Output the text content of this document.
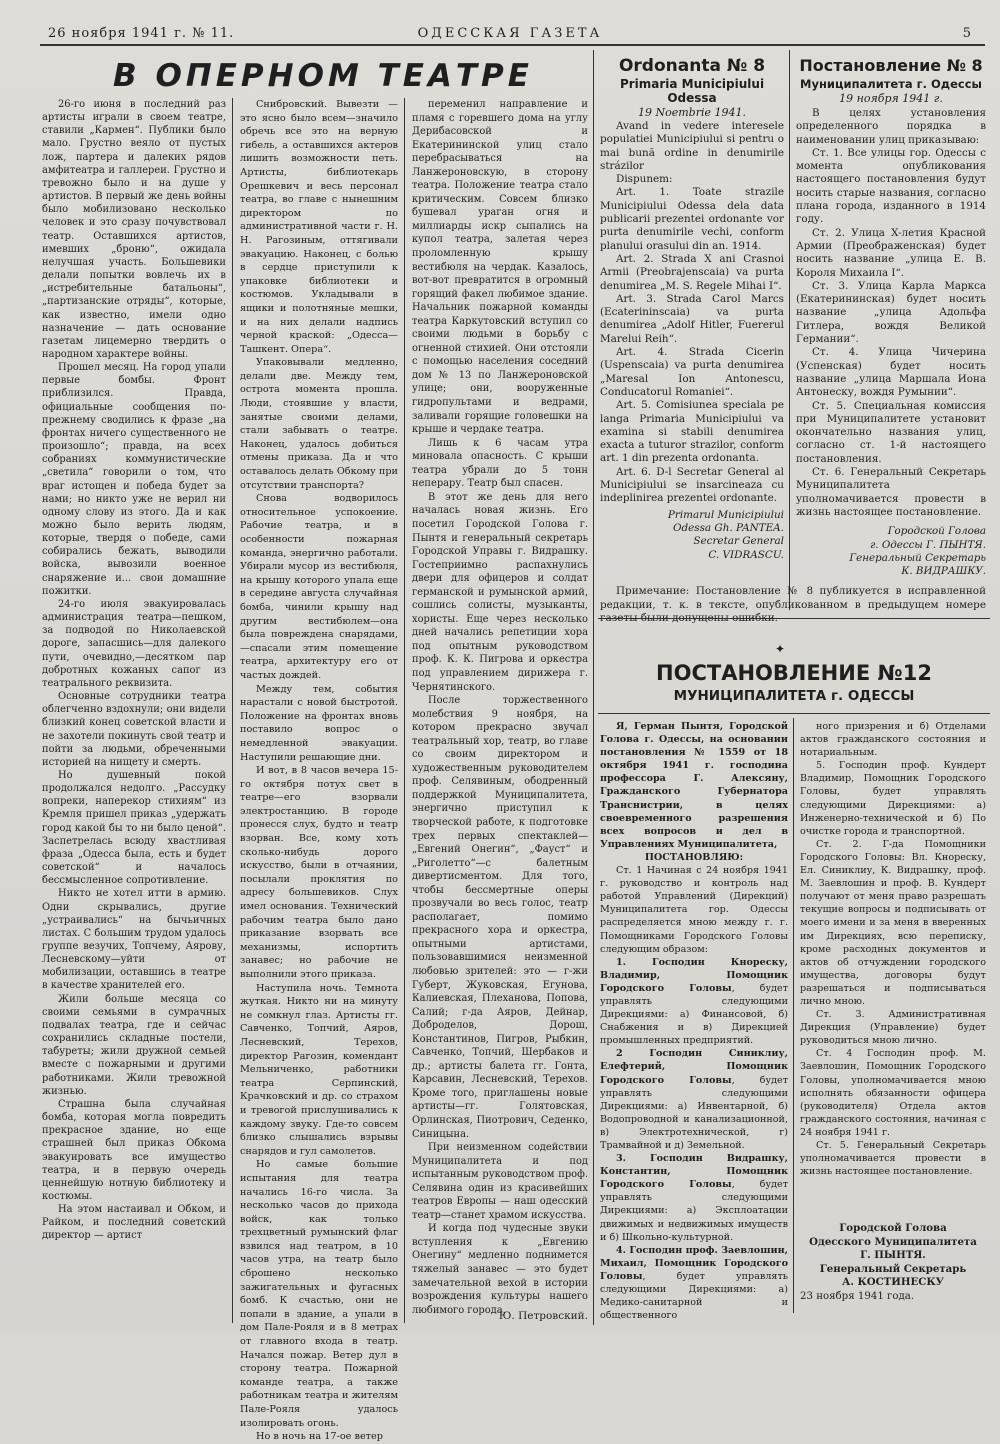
26 ноября 1941 г. № 11.	ОДЕССКАЯ ГАЗЕТА	5
В ОПЕРНОМ ТЕАТРЕ

26-го июня в последний раз артисты играли в своем театре, ставили „Кармен“. Публики было мало. Грустно веяло от пустых лож, партера и далеких рядов амфитеатра и галлереи. Грустно и тревожно было и на душе у артистов. В первый же день войны было мобилизовано несколько человек и это сразу почувствовал театр. Оставшихся артистов, имевших „броню“, ожидала нелучшая участь. Большевики делали попытки вовлечь их в „истребительные батальоны“, „партизанские отряды“, которые, как известно, имели одно назначение — дать основание газетам лицемерно твердить о народном характере войны.

Прошел месяц. На город упали первые бомбы. Фронт приблизился. Правда, официальные сообщения по-прежнему сводились к фразе „на фронтах ничего существенного не произошло“; правда, на всех собраниях коммунистические „светила“ говорили о том, что враг истощен и победа будет за нами; но никто уже не верил ни одному слову из этого. Да и как можно было верить людям, которые, твердя о победе, сами собирались бежать, выводили войска, вывозили военное снаряжение и... свои домашние пожитки.

24-го июля эвакуировалась администрация театра—пешком, за подводой по Николаевской дороге, запасшись—для далекого пути, очевидно,—десятком пар добротных кожаных сапог из театрального реквизита.

Основные сотрудники театра облегченно вздохнули; они видели близкий конец советской власти и не захотели покинуть свой театр и пойти за людьми, обреченными историей на нищету и смерть.

Но душевный покой продолжался недолго. „Рассудку вопреки, наперекор стихиям“ из Кремля пришел приказ „удержать город какой бы то ни было ценой“. Заспетрелась всюду хвастливая фраза „Одесса была, есть и будет советской“ и началось бессмысленное сопротивление.

Никто не хотел итти в армию. Одни скрывались, другие „устраивались“ на бычьичных листах. С большим трудом удалось группе везучих, Топчему, Аярову, Лесневскому—уйти от мобилизации, оставшись в театре в качестве хранителей его.

Жили больше месяца со своими семьями в сумрачных подвалах театра, где и сейчас сохранились складные постели, табуреты; жили дружной семьей вместе с пожарными и другими работниками. Жили тревожной жизнью.

Страшна была случайная бомба, которая могла повредить прекрасное здание, но еще страшней был приказ Обкома эвакуировать все имущество театра, и в первую очередь ценнейшую нотную библиотеку и костюмы.

На этом настаивал и Обком, и Райком, и последний советский директор — артист

Снибровский. Вывезти — это ясно было всем—значило обречь все это на верную гибель, а оставшихся актеров лишить возможности петь. Артисты, библиотекарь Орешкевич и весь персонал театра, во главе с нынешним директором по административной части г. Н. Н. Рагозиным, оттягивали эвакуацию. Наконец, с болью в сердце приступили к упаковке библиотеки и костюмов. Укладывали в ящики и полотняные мешки, и на них делали надпись черной краской: „Одесса—Ташкент. Опера“.

Упаковывали медленно, делали две. Между тем, острота момента прошла. Люди, стоявшие у власти, занятые своими делами, стали забывать о театре. Наконец, удалось добиться отмены приказа. Да и что оставалось делать Обкому при отсутствии транспорта?

Снова водворилось относительное успокоение. Рабочие театра, и в особенности пожарная команда, энергично работали. Убирали мусор из вестибюля, на крышу которого упала еще в середине августа случайная бомба, чинили крышу над другим вестибюлем—она была повреждена снарядами,—спасали этим помещение театра, архитектуру его от частых дождей.

Между тем, события нарастали с новой быстротой. Положение на фронтах вновь поставило вопрос о немедленной эвакуации. Наступили решающие дни.

И вот, в 8 часов вечера 15-го октября потух свет в театре—его взорвали электростанцию. В городе пронесся слух, будто и театр взорван. Все, кому хоть сколько-нибудь дорого искусство, были в отчаянии, посылали проклятия по адресу большевиков. Слух имел основания. Технический рабочим театра было дано приказание взорвать все механизмы, испортить занавес; но рабочие не выполнили этого приказа.

Наступила ночь. Темнота жуткая. Никто ни на минуту не сомкнул глаз. Артисты гг. Савченко, Топчий, Аяров, Лесневский, Терехов, директор Рагозин, комендант Мельниченко, работники театра Серпинский, Крачковский и др. со страхом и тревогой прислушивались к каждому звуку. Где-то совсем близко слышались взрывы снарядов и гул самолетов.

Но самые большие испытания для театра начались 16-го числа. За несколько часов до прихода войск, как только трехцветный румынский флаг взвился над театром, в 10 часов утра, на театр было сброшено несколько зажигательных и фугасных бомб. К счастью, они не попали в здание, а упали в дом Пале-Рояля и в 8 метрах от главного входа в театр. Начался пожар. Ветер дул в сторону театра. Пожарной команде театра, а также работникам театра и жителям Пале-Рояля удалось изолировать огонь.

Но в ночь на 17-ое ветер

переменил направление и пламя с горевшего дома на углу Дерибасовской и Екатерининской улиц стало перебрасываться на Ланжероновскую, в сторону театра. Положение театра стало критическим. Совсем близко бушевал ураган огня и миллиарды искр сыпались на купол театра, залетая через проломленную крышу вестибюля на чердак. Казалось, вот-вот превратится в огромный горящий факел любимое здание. Начальник пожарной команды театра Каркутовский вступил со своими людьми в борьбу с огненной стихией. Они отстояли с помощью населения соседний дом № 13 по Ланжероновской улице; они, вооруженные гидропультами и ведрами, заливали горящие головешки на крыше и чердаке театра.

Лишь к 6 часам утра миновала опасность. С крыши театра убрали до 5 тонн неперару. Театр был спасен.

В этот же день для него началась новая жизнь. Его посетил Городской Голова г. Пынтя и генеральный секретарь Городской Управы г. Видрашку. Гостеприимно распахнулись двери для офицеров и солдат германской и румынской армий, сошлись солисты, музыканты, хористы. Еще через несколько дней начались репетиции хора под опытным руководством проф. К. К. Пигрова и оркестра под управлением дирижера г. Чернятинского.

После торжественного молебствия 9 ноября, на котором прекрасно звучал театральный хор, театр, во главе со своим директором и художественным руководителем проф. Селявиным, ободренный поддержкой Муниципалитета, энергично приступил к творческой работе, к подготовке трех первых спектаклей—„Евгений Онегин“, „Фауст“ и „Риголетто“—с балетным дивертисментом. Для того, чтобы бессмертные оперы прозвучали во весь голос, театр располагает, помимо прекрасного хора и оркестра, опытными артистами, пользовавшимися неизменной любовью зрителей: это — г-жи Губерт, Жуковская, Егунова, Калиевская, Плеханова, Попова, Салий; г-да Аяров, Дейнар, Доброделов, Дорош, Константинов, Пигров, Рыбкин, Савченко, Топчий, Шербаков и др.; артисты балета гг. Гонта, Карсавин, Лесневский, Терехов. Кроме того, приглашены новые артисты—гг. Голятовская, Орлинская, Пиотрович, Седенко, Синицына.

При неизменном содействии Муниципалитета и под испытанным руководством проф. Селявина один из красивейших театров Европы — наш одесский театр—станет храмом искусства.

И когда под чудесные звуки вступления к „Евгению Онегину“ медленно поднимется тяжелый занавес — это будет замечательной вехой в истории возрождения культуры нашего любимого города.

Ю. Петровский.
Ordonanta № 8
Primaria Municipiului
Odessa
19 Noembrie 1941.

Avand in vedere interesele populatiei Municipiului si pentru o mai bună ordine in denumirile strázilor

Dispunem:

Art. 1. Toate strazile Municipiului Odessa dela data publicarii prezentei ordonante vor purta denumirile vechi, conform planului orasului din an. 1914.

Art. 2. Strada X ani Crasnoi Armii (Preobrajenscaia) va purta denumirea „M. S. Regele Mihai I“.

Art. 3. Strada Carol Marcs (Ecaterininscaia) va purta denumirea „Adolf Hitler, Fuererul Marelui Reih“.

Art. 4. Strada Cicerin (Uspenscaia) va purta denumirea „Maresal Ion Antonescu, Conducatorul Romaniei“.

Art. 5. Comisiunea speciala pe langa Primaria Municipiului va examina si stabili denumirea exacta a tuturor strazilor, conform art. 1 din prezenta ordonanta.

Art. 6. D-l Secretar General al Municipiului se insarcineaza cu indeplinirea prezentei ordonante.

Primarul Municipiului

Odessa Gh. PANTEA.

Secretar General

C. VIDRASCU.

Постановление № 8
Муниципалитета г. Одессы
19 ноября 1941 г.

В целях установления определенного порядка в наименовании улиц приказываю:

Ст. 1. Все улицы гор. Одессы с момента опубликования настоящего постановления будут носить старые названия, согласно плана города, изданного в 1914 году.

Ст. 2. Улица X-летия Красной Армии (Преображенская) будет носить название „улица Е. В. Короля Михаила I“.

Ст. 3. Улица Карла Маркса (Екатерининская) будет носить название „улица Адольфа Гитлера, вождя Великой Германии“.

Ст. 4. Улица Чичерина (Успенская) будет носить название „улица Маршала Иона Антонеску, вождя Румынии“.

Ст. 5. Специальная комиссия при Муниципалитете установит окончательно названия улиц, согласно ст. 1-й настоящего постановления.

Ст. 6. Генеральный Секретарь Муниципалитета уполномачивается провести в жизнь настоящее постановление.

Городской Голова

г. Одессы Г. ПЫНТЯ.

Генеральный Секретарь

К. ВИДРАШКУ.

Примечание: Постановление № 8 публикуется в исправленной редакции, т. к. в тексте, опубликованном в предыдущем номере газеты были допущены ошибки.

✦
ПОСТАНОВЛЕНИЕ №12
МУНИЦИПАЛИТЕТА г. ОДЕССЫ

Я, Герман Пынтя, Городской Голова г. Одессы, на основании постановления № 1559 от 18 октября 1941 г. господина профессора Г. Алексяну, Гражданского Губернатора Транснистрии, в целях своевременного разрешения всех вопросов и дел в Управлениях Муниципалитета,

ПОСТАНОВЛЯЮ:

Ст. 1 Начиная с 24 ноября 1941 г. руководство и контроль над работой Управлений (Дирекций) Муниципалитета гор. Одессы распределяется мною между г. г. Помощниками Городского Головы следующим образом:

1. Господин Кнореску, Владимир, Помощник Городского Головы, будет управлять следующими Дирекциями: а) Финансовой, б) Снабжения и в) Дирекцией промышленных предприятий.

2 Господин Синиклиу, Елефтерий, Помощник Городского Головы, будет управлять следующими Дирекциями: а) Инвентарной, б) Водопроводной и канализационной, в) Электротехнической, г) Трамвайной и д) Земельной.

3. Господин Видрашку, Константин, Помощник Городского Головы, будет управлять следующими Дирекциями: а) Эксплоатации движимых и недвижимых имуществ и б) Школьно-культурной.

4. Господин проф. Заевлошин, Михаил, Помощник Городского Головы, будет управлять следующими Дирекциями: а) Медико-санитарной и общественного

ного призрения и б) Отделами актов гражданского состояния и нотариальным.

5. Господин проф. Кундерт Владимир, Помощник Городского Головы, будет управлять следующими Дирекциями: а) Инженерно-технической и б) По очистке города и транспортной.

Ст. 2. Г-да Помощники Городского Головы: Вл. Кнореску, Ел. Синиклиу, К. Видрашку, проф. М. Заевлошин и проф. В. Кундерт получают от меня право разрешать текущие вопросы и подписывать от моего имени и за меня в вверенных им Дирекциях, всю переписку, кроме расходных документов и актов об отчуждении городского имущества, договоры будут разрешаться и подписываться лично мною.

Ст. 3. Административная Дирекция (Управление) будет руководиться мною лично.

Ст. 4 Господин проф. М. Заевлошин, Помощник Городского Головы, уполномачивается мною исполнять обязанности офицера (руководителя) Отдела актов гражданского состояния, начиная с 24 ноября 1941 г.

Ст. 5. Генеральный Секретарь уполномачивается провести в жизнь настоящее постановление.

Городской Голова

Одесского Муниципалитета

Г. ПЫНТЯ.

Генеральный Секретарь

А. КОСТИНЕСКУ

23 ноября 1941 года.
